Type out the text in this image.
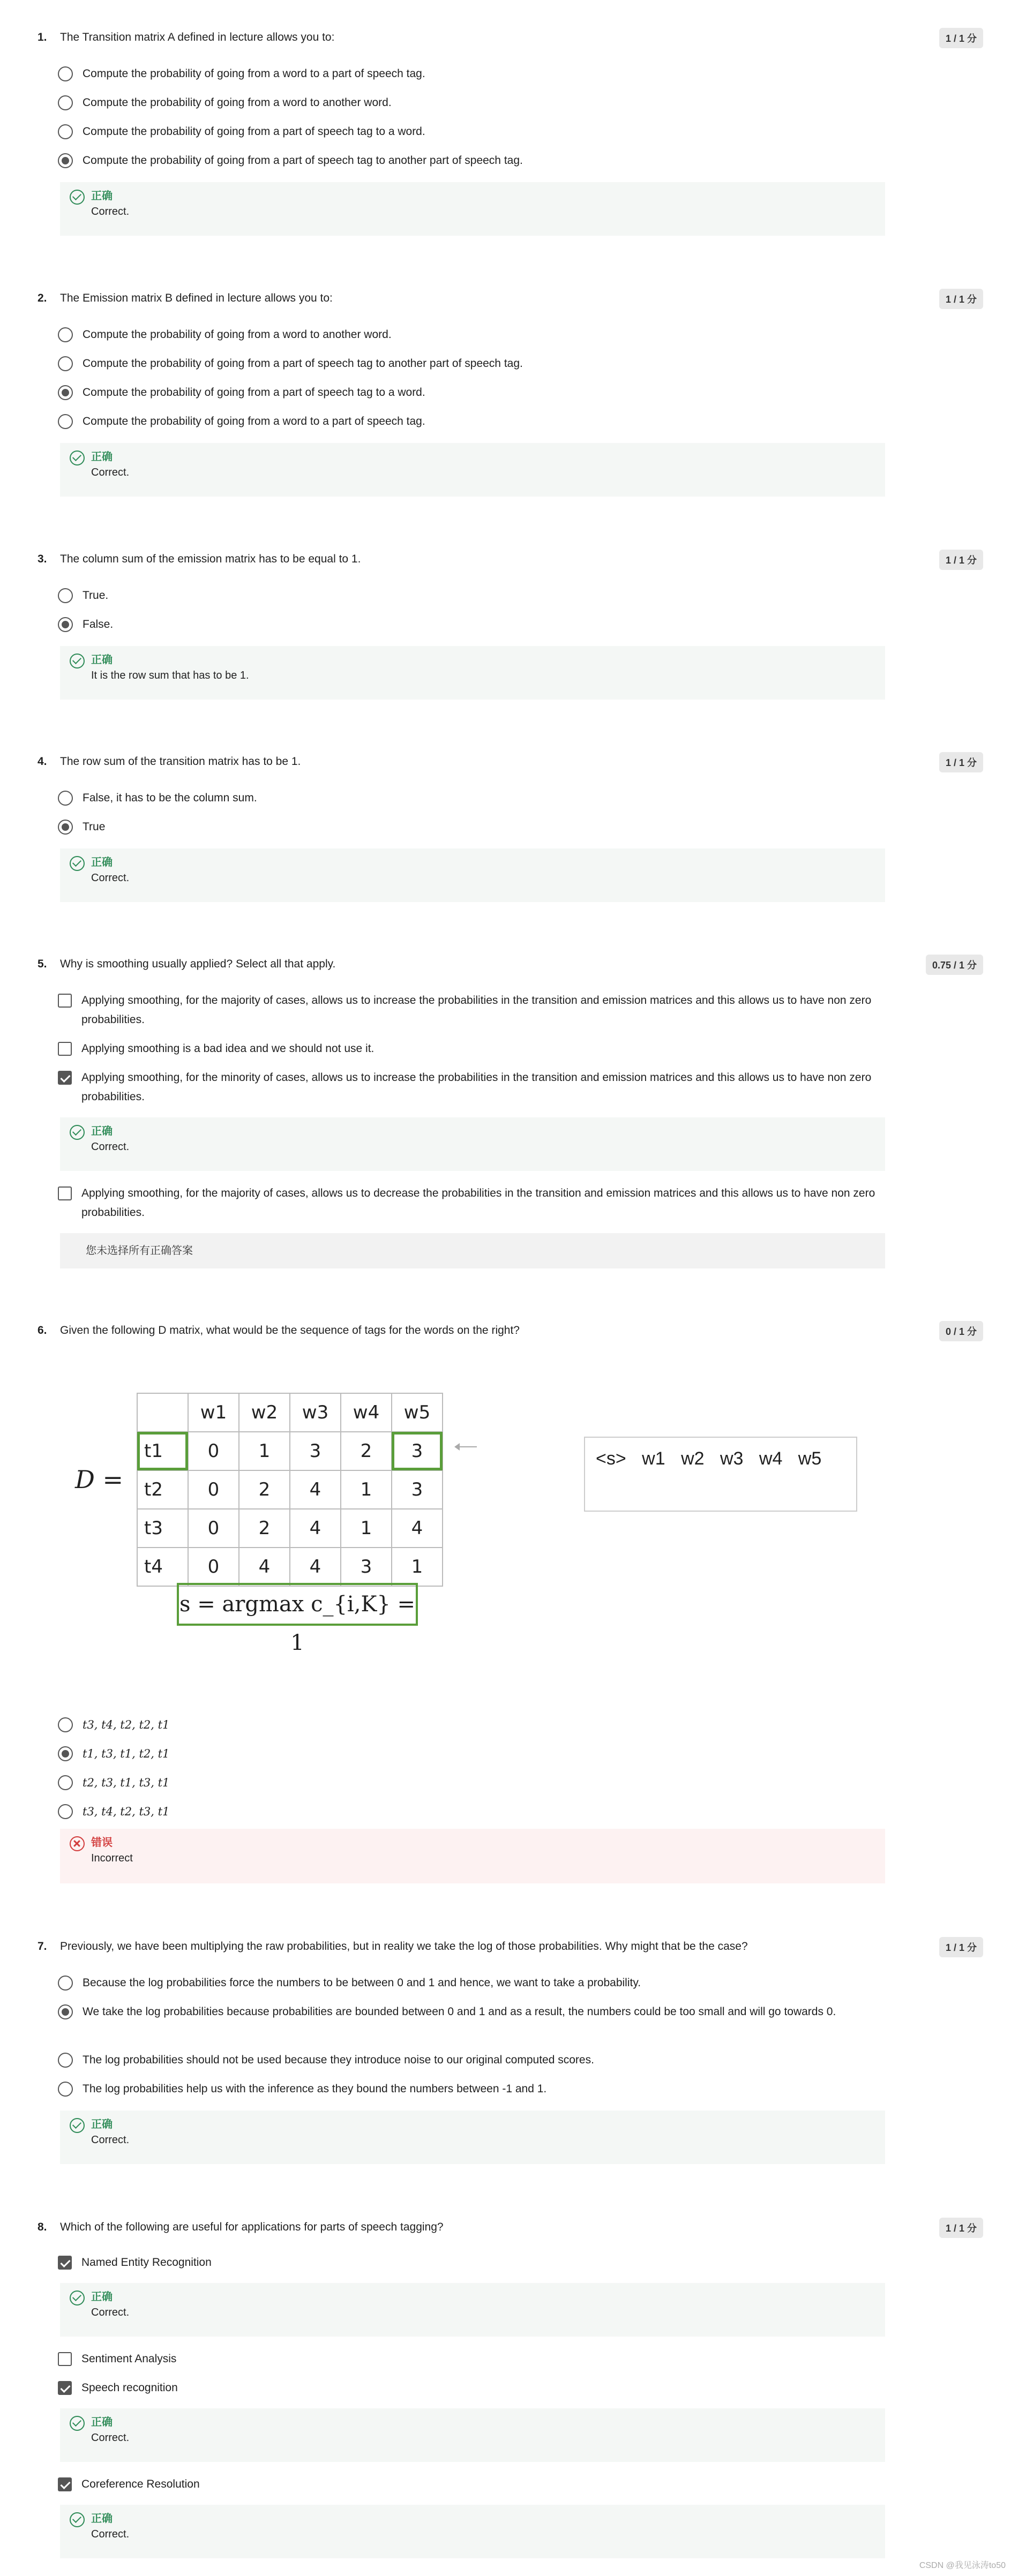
1. The Transition matrix A defined in lecture allows you to:	1 / 1 分
Compute the probability of going from a word to a part of speech tag.
Compute the probability of going from a word to another word.
Compute the probability of going from a part of speech tag to a word.
Compute the probability of going from a part of speech tag to another part of speech tag.
正确
Correct.
2. The Emission matrix B defined in lecture allows you to:	1 / 1 分
Compute the probability of going from a word to another word.
Compute the probability of going from a part of speech tag to another part of speech tag.
Compute the probability of going from a part of speech tag to a word.
Compute the probability of going from a word to a part of speech tag.
正确
Correct.
3. The column sum of the emission matrix has to be equal to 1.	1 / 1 分
True.
False.
正确
It is the row sum that has to be 1.
4. The row sum of the transition matrix has to be 1.	1 / 1 分
False, it has to be the column sum.
True
正确
Correct.
5. Why is smoothing usually applied? Select all that apply.	0.75 / 1 分
Applying smoothing, for the majority of cases, allows us to increase the probabilities in the transition and emission matrices and this allows us to have non zero probabilities.
Applying smoothing is a bad idea and we should not use it.
Applying smoothing, for the minority of cases, allows us to increase the probabilities in the transition and emission matrices and this allows us to have non zero probabilities.
正确
Correct.
Applying smoothing, for the majority of cases, allows us to decrease the probabilities in the transition and emission matrices and this allows us to have non zero probabilities.
您未选择所有正确答案
6. Given the following D matrix, what would be the sequence of tags for the words on the right?	0 / 1 分
D =
	w1	w2	w3	w4	w5
t1	0	1	3	2	3
t2	0	2	4	1	3
t3	0	2	4	1	4
t4	0	4	4	3	1
s = argmax c_{i,K} = 1
<s> w1 w2 w3 w4 w5
t3, t4, t2, t2, t1
t1, t3, t1, t2, t1
t2, t3, t1, t3, t1
t3, t4, t2, t3, t1
错误
Incorrect
7. Previously, we have been multiplying the raw probabilities, but in reality we take the log of those probabilities. Why might that be the case?	1 / 1 分
Because the log probabilities force the numbers to be between 0 and 1 and hence, we want to take a probability.
We take the log probabilities because probabilities are bounded between 0 and 1 and as a result, the numbers could be too small and will go towards 0.
The log probabilities should not be used because they introduce noise to our original computed scores.
The log probabilities help us with the inference as they bound the numbers between -1 and 1.
正确
Correct.
8. Which of the following are useful for applications for parts of speech tagging?	1 / 1 分
Named Entity Recognition
正确
Correct.
Sentiment Analysis
Speech recognition
正确
Correct.
Coreference Resolution
正确
Correct.
CSDN @我见泳涛to50
